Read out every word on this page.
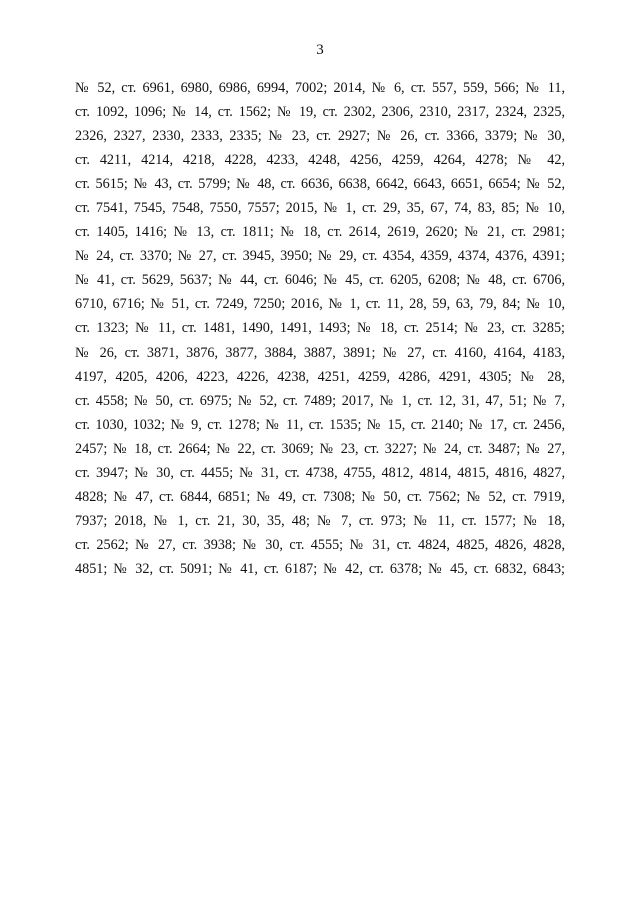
3
№ 52, ст. 6961, 6980, 6986, 6994, 7002; 2014, № 6, ст. 557, 559, 566; № 11,
ст. 1092, 1096; № 14, ст. 1562; № 19, ст. 2302, 2306, 2310, 2317, 2324, 2325,
2326, 2327, 2330, 2333, 2335; № 23, ст. 2927; № 26, ст. 3366, 3379; № 30,
ст. 4211, 4214, 4218, 4228, 4233, 4248, 4256, 4259, 4264, 4278; № 42,
ст. 5615; № 43, ст. 5799; № 48, ст. 6636, 6638, 6642, 6643, 6651, 6654; № 52,
ст. 7541, 7545, 7548, 7550, 7557; 2015, № 1, ст. 29, 35, 67, 74, 83, 85; № 10,
ст. 1405, 1416; № 13, ст. 1811; № 18, ст. 2614, 2619, 2620; № 21, ст. 2981;
№ 24, ст. 3370; № 27, ст. 3945, 3950; № 29, ст. 4354, 4359, 4374, 4376, 4391;
№ 41, ст. 5629, 5637; № 44, ст. 6046; № 45, ст. 6205, 6208; № 48, ст. 6706,
6710, 6716; № 51, ст. 7249, 7250; 2016, № 1, ст. 11, 28, 59, 63, 79, 84; № 10,
ст. 1323; № 11, ст. 1481, 1490, 1491, 1493; № 18, ст. 2514; № 23, ст. 3285;
№ 26, ст. 3871, 3876, 3877, 3884, 3887, 3891; № 27, ст. 4160, 4164, 4183,
4197, 4205, 4206, 4223, 4226, 4238, 4251, 4259, 4286, 4291, 4305; № 28,
ст. 4558; № 50, ст. 6975; № 52, ст. 7489; 2017, № 1, ст. 12, 31, 47, 51; № 7,
ст. 1030, 1032; № 9, ст. 1278; № 11, ст. 1535; № 15, ст. 2140; № 17, ст. 2456,
2457; № 18, ст. 2664; № 22, ст. 3069; № 23, ст. 3227; № 24, ст. 3487; № 27,
ст. 3947; № 30, ст. 4455; № 31, ст. 4738, 4755, 4812, 4814, 4815, 4816, 4827,
4828; № 47, ст. 6844, 6851; № 49, ст. 7308; № 50, ст. 7562; № 52, ст. 7919,
7937; 2018, № 1, ст. 21, 30, 35, 48; № 7, ст. 973; № 11, ст. 1577; № 18,
ст. 2562; № 27, ст. 3938; № 30, ст. 4555; № 31, ст. 4824, 4825, 4826, 4828,
4851; № 32, ст. 5091; № 41, ст. 6187; № 42, ст. 6378; № 45, ст. 6832, 6843;
